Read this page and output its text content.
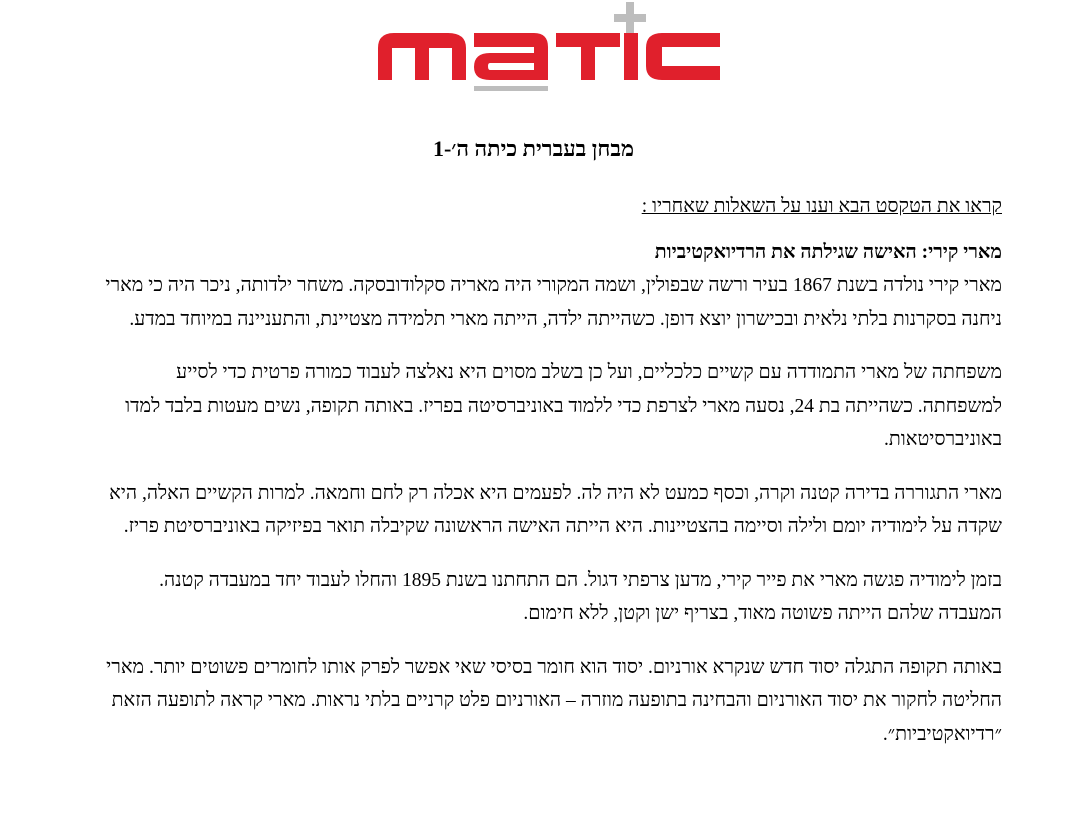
מבחן בעברית כיתה ה׳-1

קראו את הטקסט הבא וענו על השאלות שאחריו :

מארי קירי: האישה שגילתה את הרדיואקטיביות

מארי קירי נולדה בשנת 1867 בעיר ורשה שבפולין, ושמה המקורי היה מאריה סקלודובסקה. משחר ילדותה, ניכר היה כי מארי ניחנה בסקרנות בלתי נלאית ובכישרון יוצא דופן. כשהייתה ילדה, הייתה מארי תלמידה מצטיינת, והתעניינה במיוחד במדע.

משפחתה של מארי התמודדה עם קשיים כלכליים, ועל כן בשלב מסוים היא נאלצה לעבוד כמורה פרטית כדי לסייע למשפחתה. כשהייתה בת 24, נסעה מארי לצרפת כדי ללמוד באוניברסיטה בפריז. באותה תקופה, נשים מעטות בלבד למדו באוניברסיטאות.

מארי התגוררה בדירה קטנה וקרה, וכסף כמעט לא היה לה. לפעמים היא אכלה רק לחם וחמאה. למרות הקשיים האלה, היא שקדה על לימודיה יומם ולילה וסיימה בהצטיינות. היא הייתה האישה הראשונה שקיבלה תואר בפיזיקה באוניברסיטת פריז.

בזמן לימודיה פגשה מארי את פייר קירי, מדען צרפתי דגול. הם התחתנו בשנת 1895 והחלו לעבוד יחד במעבדה קטנה. המעבדה שלהם הייתה פשוטה מאוד, בצריף ישן וקטן, ללא חימום.

באותה תקופה התגלה יסוד חדש שנקרא אורניום. יסוד הוא חומר בסיסי שאי אפשר לפרק אותו לחומרים פשוטים יותר. מארי החליטה לחקור את יסוד האורניום והבחינה בתופעה מוזרה – האורניום פלט קרניים בלתי נראות. מארי קראה לתופעה הזאת ״רדיואקטיביות״.
